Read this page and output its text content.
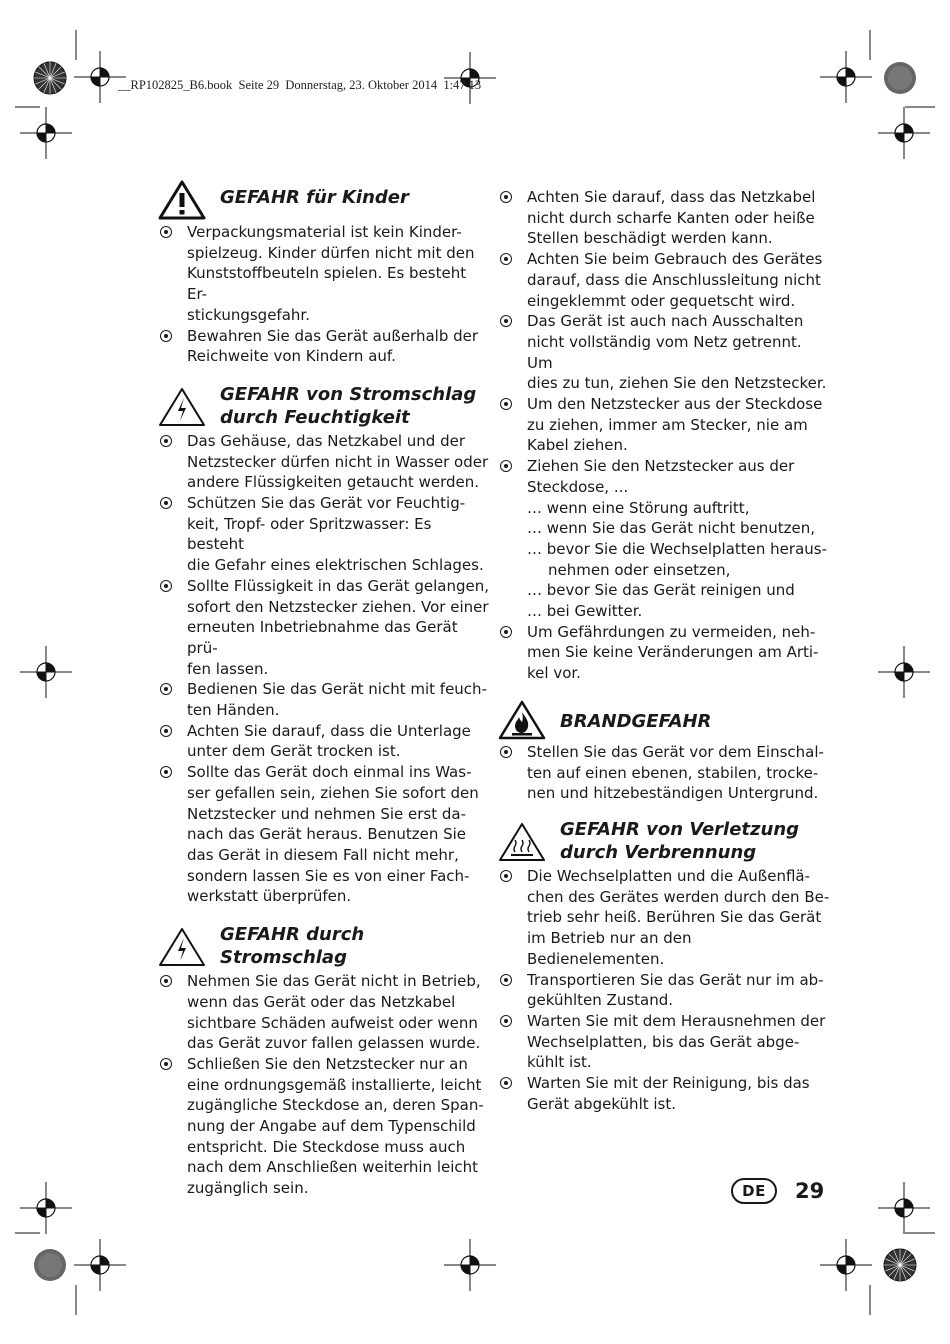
__RP102825_B6.book  Seite 29  Donnerstag, 23. Oktober 2014  1:47 13
GEFAHR für Kinder
Verpackungsmaterial ist kein Kinder-
spielzeug. Kinder dürfen nicht mit den
Kunststoffbeuteln spielen. Es besteht Er-
stickungsgefahr.
Bewahren Sie das Gerät außerhalb der
Reichweite von Kindern auf.
GEFAHR von Stromschlag
durch Feuchtigkeit
Das Gehäuse, das Netzkabel und der
Netzstecker dürfen nicht in Wasser oder
andere Flüssigkeiten getaucht werden.
Schützen Sie das Gerät vor Feuchtig-
keit, Tropf- oder Spritzwasser: Es besteht
die Gefahr eines elektrischen Schlages.
Sollte Flüssigkeit in das Gerät gelangen,
sofort den Netzstecker ziehen. Vor einer
erneuten Inbetriebnahme das Gerät prü-
fen lassen.
Bedienen Sie das Gerät nicht mit feuch-
ten Händen.
Achten Sie darauf, dass die Unterlage
unter dem Gerät trocken ist.
Sollte das Gerät doch einmal ins Was-
ser gefallen sein, ziehen Sie sofort den
Netzstecker und nehmen Sie erst da-
nach das Gerät heraus. Benutzen Sie
das Gerät in diesem Fall nicht mehr,
sondern lassen Sie es von einer Fach-
werkstatt überprüfen.
GEFAHR durch
Stromschlag
Nehmen Sie das Gerät nicht in Betrieb,
wenn das Gerät oder das Netzkabel
sichtbare Schäden aufweist oder wenn
das Gerät zuvor fallen gelassen wurde.
Schließen Sie den Netzstecker nur an
eine ordnungsgemäß installierte, leicht
zugängliche Steckdose an, deren Span-
nung der Angabe auf dem Typenschild
entspricht. Die Steckdose muss auch
nach dem Anschließen weiterhin leicht
zugänglich sein.
Achten Sie darauf, dass das Netzkabel
nicht durch scharfe Kanten oder heiße
Stellen beschädigt werden kann.
Achten Sie beim Gebrauch des Gerätes
darauf, dass die Anschlussleitung nicht
eingeklemmt oder gequetscht wird.
Das Gerät ist auch nach Ausschalten
nicht vollständig vom Netz getrennt. Um
dies zu tun, ziehen Sie den Netzstecker.
Um den Netzstecker aus der Steckdose
zu ziehen, immer am Stecker, nie am
Kabel ziehen.
Ziehen Sie den Netzstecker aus der
Steckdose, ...
… wenn eine Störung auftritt,
… wenn Sie das Gerät nicht benutzen,
… bevor Sie die Wechselplatten heraus-
nehmen oder einsetzen,
… bevor Sie das Gerät reinigen und
… bei Gewitter.
Um Gefährdungen zu vermeiden, neh-
men Sie keine Veränderungen am Arti-
kel vor.
BRANDGEFAHR
Stellen Sie das Gerät vor dem Einschal-
ten auf einen ebenen, stabilen, trocke-
nen und hitzebeständigen Untergrund.
GEFAHR von Verletzung
durch Verbrennung
Die Wechselplatten und die Außenflä-
chen des Gerätes werden durch den Be-
trieb sehr heiß. Berühren Sie das Gerät
im Betrieb nur an den Bedienelementen.
Transportieren Sie das Gerät nur im ab-
gekühlten Zustand.
Warten Sie mit dem Herausnehmen der
Wechselplatten, bis das Gerät abge-
kühlt ist.
Warten Sie mit der Reinigung, bis das
Gerät abgekühlt ist.
DE	29
